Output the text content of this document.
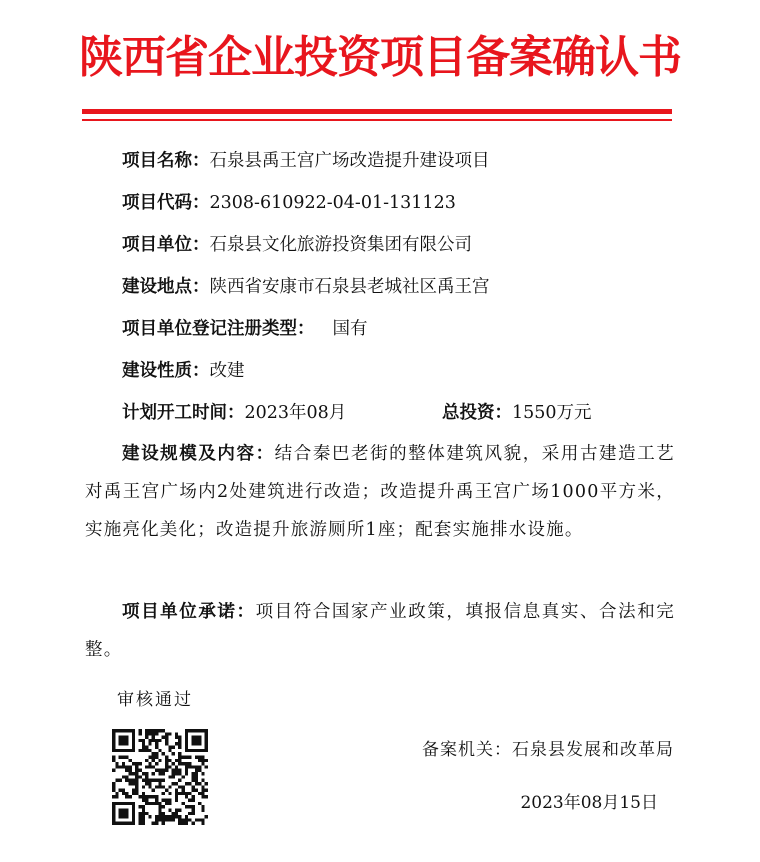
陕西省企业投资项目备案确认书
项目名称：石泉县禹王宫广场改造提升建设项目
项目代码：2308-610922-04-01-131123
项目单位：石泉县文化旅游投资集团有限公司
建设地点：陕西省安康市石泉县老城社区禹王宫
项目单位登记注册类型： 国有
建设性质：改建
计划开工时间：2023年08月	总投资：1550万元
建设规模及内容：结合秦巴老街的整体建筑风貌，采用古建造工艺对禹王宫广场内2处建筑进行改造；改造提升禹王宫广场1000平方米，实施亮化美化；改造提升旅游厕所1座；配套实施排水设施。
项目单位承诺：项目符合国家产业政策，填报信息真实、合法和完整。
审核通过
备案机关：石泉县发展和改革局
2023年08月15日
